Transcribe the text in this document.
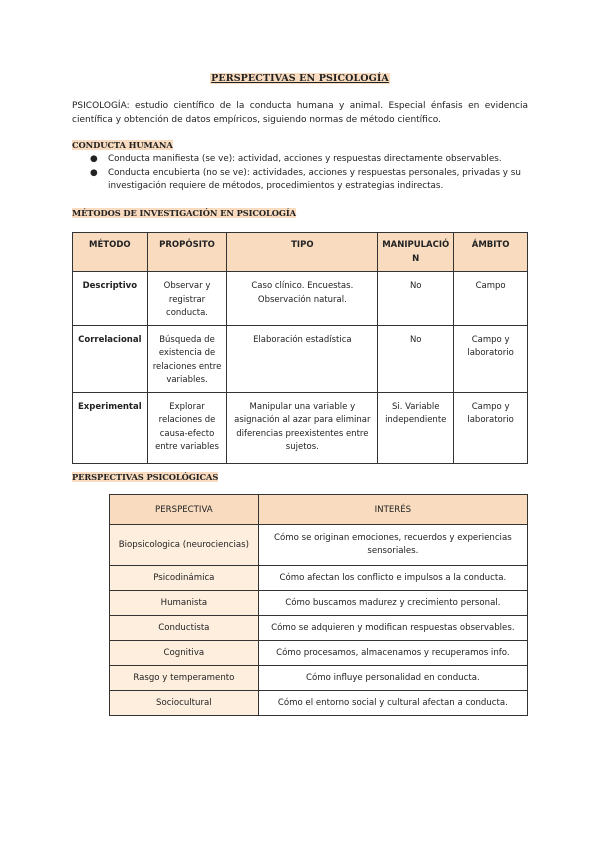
PERSPECTIVAS EN PSICOLOGÍA
PSICOLOGÍA: estudio científico de la conducta humana y animal. Especial énfasis en evidencia científica y obtención de datos empíricos, siguiendo normas de método científico.
CONDUCTA HUMANA
● Conducta manifiesta (se ve): actividad, acciones y respuestas directamente observables.
● Conducta encubierta (no se ve): actividades, acciones y respuestas personales, privadas y su investigación requiere de métodos, procedimientos y estrategias indirectas.
MÉTODOS DE INVESTIGACIÓN EN PSICOLOGÍA
MÉTODO	PROPÓSITO	TIPO	MANIPULACIÓN	ÁMBITO
Descriptivo	Observar y registrar conducta.	Caso clínico. Encuestas. Observación natural.	No	Campo
Correlacional	Búsqueda de existencia de relaciones entre variables.	Elaboración estadística	No	Campo y laboratorio
Experimental	Explorar relaciones de causa-efecto entre variables	Manipular una variable y asignación al azar para eliminar diferencias preexistentes entre sujetos.	Si. Variable independiente	Campo y laboratorio
PERSPECTIVAS PSICOLÓGICAS
PERSPECTIVA	INTERÉS
Biopsicologica (neurociencias)	Cómo se originan emociones, recuerdos y experiencias sensoriales.
Psicodinámica	Cómo afectan los conflicto e impulsos a la conducta.
Humanista	Cómo buscamos madurez y crecimiento personal.
Conductista	Cómo se adquieren y modifican respuestas observables.
Cognitiva	Cómo procesamos, almacenamos y recuperamos info.
Rasgo y temperamento	Cómo influye personalidad en conducta.
Sociocultural	Cómo el entorno social y cultural afectan a conducta.
